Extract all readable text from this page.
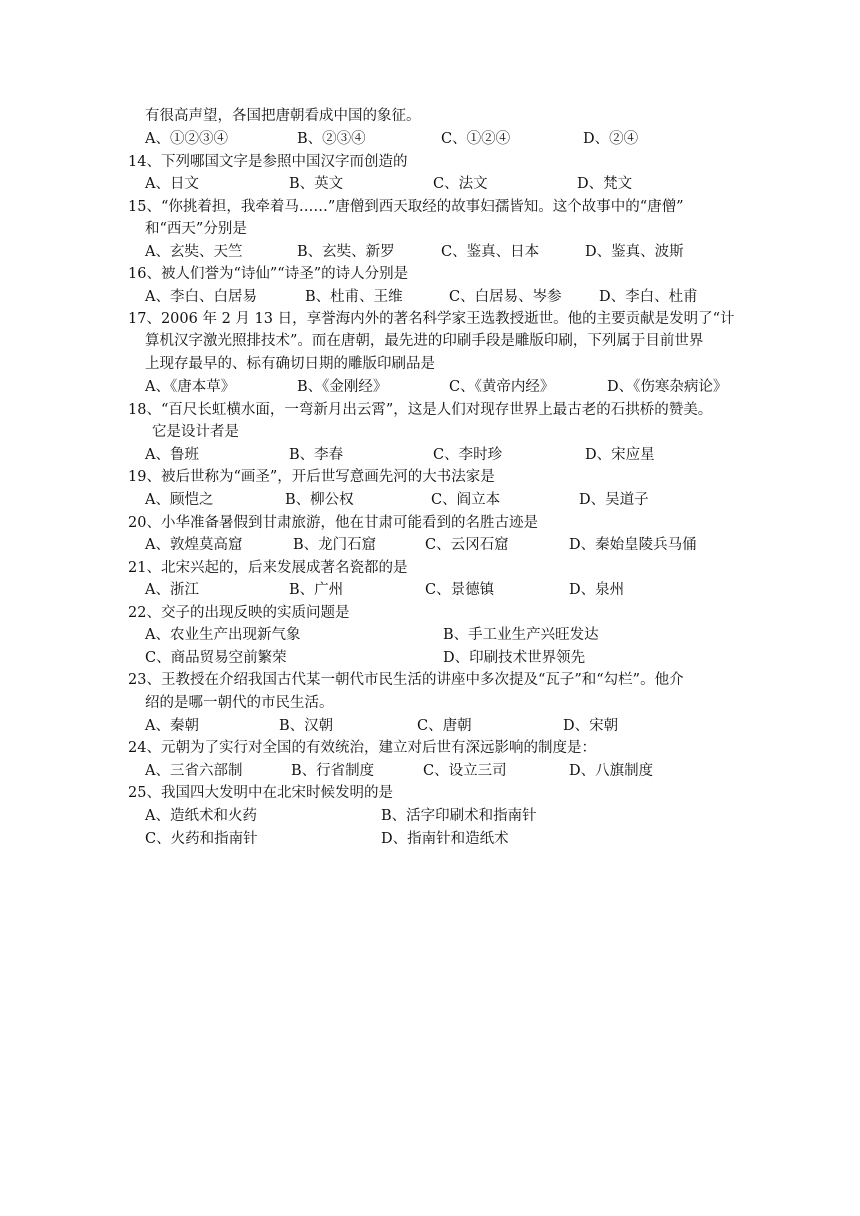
有很高声望，各国把唐朝看成中国的象征。
A、①②③④	B、②③④	C、①②④	D、②④
14、下列哪国文字是参照中国汉字而创造的
A、日文	B、英文	C、法文	D、梵文
15、“你挑着担，我牵着马……”唐僧到西天取经的故事妇孺皆知。这个故事中的“唐僧”
和“西天”分别是
A、玄奘、天竺	B、玄奘、新罗	C、鉴真、日本	D、鉴真、波斯
16、被人们誉为“诗仙”“诗圣”的诗人分别是
A、李白、白居易	B、杜甫、王维	C、白居易、岑参	D、李白、杜甫
17、2006 年 2 月 13 日，享誉海内外的著名科学家王选教授逝世。他的主要贡献是发明了“计
算机汉字激光照排技术”。而在唐朝，最先进的印刷手段是雕版印刷，下列属于目前世界
上现存最早的、标有确切日期的雕版印刷品是
A、《唐本草》	B、《金刚经》	C、《黄帝内经》	D、《伤寒杂病论》
18、“百尺长虹横水面，一弯新月出云霄”，这是人们对现存世界上最古老的石拱桥的赞美。
它是设计者是
A、鲁班	B、李春	C、李时珍	D、宋应星
19、被后世称为“画圣”，开后世写意画先河的大书法家是
A、顾恺之	B、柳公权	C、阎立本	D、吴道子
20、小华准备暑假到甘肃旅游，他在甘肃可能看到的名胜古迹是
A、敦煌莫高窟	B、龙门石窟	C、云冈石窟	D、秦始皇陵兵马俑
21、北宋兴起的，后来发展成著名瓷都的是
A、浙江	B、广州	C、景德镇	D、泉州
22、交子的出现反映的实质问题是
A、农业生产出现新气象	B、手工业生产兴旺发达
C、商品贸易空前繁荣	D、印刷技术世界领先
23、王教授在介绍我国古代某一朝代市民生活的讲座中多次提及“瓦子”和“勾栏”。他介
绍的是哪一朝代的市民生活。
A、秦朝	B、汉朝	C、唐朝	D、宋朝
24、元朝为了实行对全国的有效统治，建立对后世有深远影响的制度是：
A、三省六部制	B、行省制度	C、设立三司	D、八旗制度
25、我国四大发明中在北宋时候发明的是
A、造纸术和火药	B、活字印刷术和指南针
C、火药和指南针	D、指南针和造纸术
